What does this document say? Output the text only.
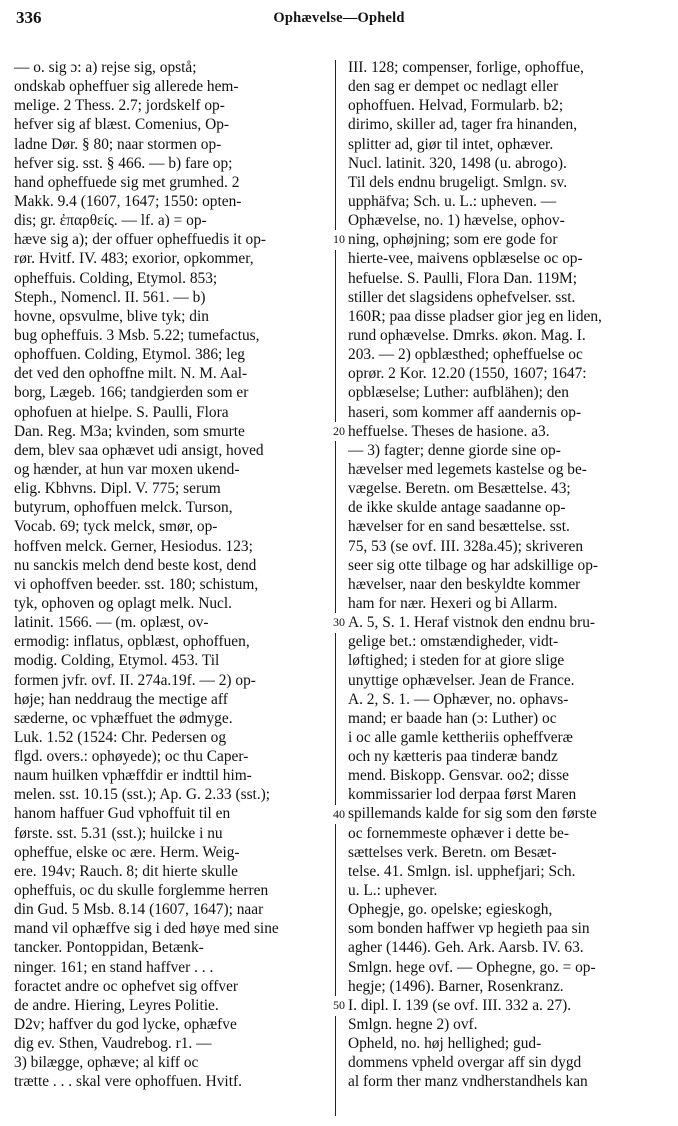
336	Ophævelse—Opheld
— o. sig ɔ: a) rejse sig, opstå;
ondskab opheffuer sig allerede hem-
melige. 2 Thess. 2.7; jordskelf op-
hefver sig af blæst. Comenius, Op-
ladne Dør. § 80; naar stormen op-
hefver sig. sst. § 466. — b) fare op;
hand opheffuede sig met grumhed. 2
Makk. 9.4 (1607, 1647; 1550: opten-
dis; gr. ἐπαρθείς. — lf. a) = op-
hæve sig a); der offuer opheffuedis it op-
rør. Hvitf. IV. 483; exorior, opkommer,
opheffuis. Colding, Etymol. 853;
Steph., Nomencl. II. 561. — b)
hovne, opsvulme, blive tyk; din
bug opheffuis. 3 Msb. 5.22; tumefactus,
ophoffuen. Colding, Etymol. 386; leg
det ved den ophoffne milt. N. M. Aal-
borg, Lægeb. 166; tandgierden som er
ophofuen at hielpe. S. Paulli, Flora
Dan. Reg. M3a; kvinden, som smurte
dem, blev saa ophævet udi ansigt, hoved
og hænder, at hun var moxen ukend-
elig. Kbhvns. Dipl. V. 775; serum
butyrum, ophoffuen melck. Turson,
Vocab. 69; tyck melck, smør, op-
hoffven melck. Gerner, Hesiodus. 123;
nu sanckis melch dend beste kost, dend
vi ophoffven beeder. sst. 180; schistum,
tyk, ophoven og oplagt melk. Nucl.
latinit. 1566. — (m. oplæst, ov-
ermodig: inflatus, opblæst, ophoffuen,
modig. Colding, Etymol. 453. Til
formen jvfr. ovf. II. 274a.19f. — 2) op-
høje; han neddraug the mectige aff
sæderne, oc vphæffuet the ødmyge.
Luk. 1.52 (1524: Chr. Pedersen og
flgd. overs.: ophøyede); oc thu Caper-
naum huilken vphæffdir er indttil him-
melen. sst. 10.15 (sst.); Ap. G. 2.33 (sst.);
hanom haffuer Gud vphoffuit til en
første. sst. 5.31 (sst.); huilcke i nu
opheffue, elske oc ære. Herm. Weig-
ere. 194v; Rauch. 8; dit hierte skulle
opheffuis, oc du skulle forglemme herren
din Gud. 5 Msb. 8.14 (1607, 1647); naar
mand vil ophæffve sig i ded høye med sine
tancker. Pontoppidan, Betænk-
ninger. 161; en stand haffver . . .
foractet andre oc ophefvet sig offver
de andre. Hiering, Leyres Politie.
D2v; haffver du god lycke, ophæfve
dig ev. Sthen, Vaudrebog. r1. —
3) bilægge, ophæve; al kiff oc
trætte . . . skal vere ophoffuen. Hvitf.
10
20
30
40
50
III. 128; compenser, forlige, ophoffue,
den sag er dempet oc nedlagt eller
ophoffuen. Helvad, Formularb. b2;
dirimo, skiller ad, tager fra hinanden,
splitter ad, giør til intet, ophæver.
Nucl. latinit. 320, 1498 (u. abrogo).
Til dels endnu brugeligt. Smlgn. sv.
upphäfva; Sch. u. L.: upheven. —
Ophævelse, no. 1) hævelse, ophov-
ning, ophøjning; som ere gode for
hierte-vee, maivens opblæselse oc op-
hefuelse. S. Paulli, Flora Dan. 119M;
stiller det slagsidens ophefvelser. sst.
160R; paa disse pladser gior jeg en liden,
rund ophævelse. Dmrks. økon. Mag. I.
203. — 2) opblæsthed; opheffuelse oc
oprør. 2 Kor. 12.20 (1550, 1607; 1647:
opblæselse; Luther: aufblähen); den
haseri, som kommer aff aandernis op-
heffuelse. Theses de hasione. a3.
— 3) fagter; denne giorde sine op-
hævelser med legemets kastelse og be-
vægelse. Beretn. om Besættelse. 43;
de ikke skulde antage saadanne op-
hævelser for en sand besættelse. sst.
75, 53 (se ovf. III. 328a.45); skriveren
seer sig otte tilbage og har adskillige op-
hævelser, naar den beskyldte kommer
ham for nær. Hexeri og bi Allarm.
A. 5, S. 1. Heraf vistnok den endnu bru-
gelige bet.: omstændigheder, vidt-
løftighed; i steden for at giore slige
unyttige ophævelser. Jean de France.
A. 2, S. 1. — Ophæver, no. ophavs-
mand; er baade han (ɔ: Luther) oc
i oc alle gamle kettheriis opheffveræ
och ny kætteris paa tinderæ bandz
mend. Biskopp. Gensvar. oo2; disse
kommissarier lod derpaa først Maren
spillemands kalde for sig som den første
oc fornemmeste ophæver i dette be-
sættelses verk. Beretn. om Besæt-
telse. 41. Smlgn. isl. upphefjari; Sch.
u. L.: uphever.
Ophegje, go. opelske; egieskogh,
som bonden haffwer vp hegieth paa sin
agher (1446). Geh. Ark. Aarsb. IV. 63.
Smlgn. hege ovf. — Ophegne, go. = op-
hegje; (1496). Barner, Rosenkranz.
I. dipl. I. 139 (se ovf. III. 332 a. 27).
Smlgn. hegne 2) ovf.
Opheld, no. høj hellighed; gud-
dommens vpheld overgar aff sin dygd
al form ther manz vndherstandhels kan
